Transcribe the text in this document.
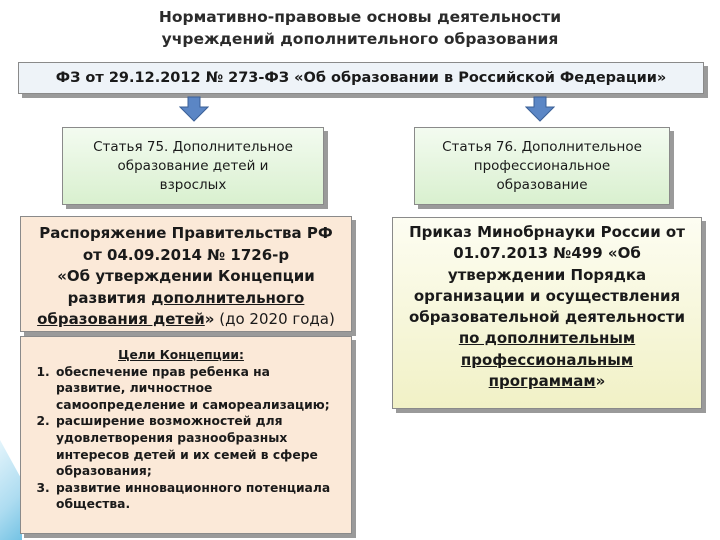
Нормативно-правовые основы деятельности
учреждений дополнительного образования
ФЗ от 29.12.2012 № 273-ФЗ «Об образовании в Российской Федерации»
Статья 75. Дополнительное
образование детей и
взрослых
Статья 76. Дополнительное
профессиональное
образование
Распоряжение Правительства РФ
от 04.09.2014 № 1726-р
«Об утверждении Концепции
развития дополнительного
образования детей» (до 2020 года)
Цели Концепции:
1. обеспечение прав ребенка на развитие, личностное самоопределение и самореализацию;
2. расширение возможностей для удовлетворения разнообразных интересов детей и их семей в сфере образования;
3. развитие инновационного потенциала общества.
Приказ Минобрнауки России от
01.07.2013 №499 «Об
утверждении Порядка
организации и осуществления
образовательной деятельности
по дополнительным
профессиональным
программам»
